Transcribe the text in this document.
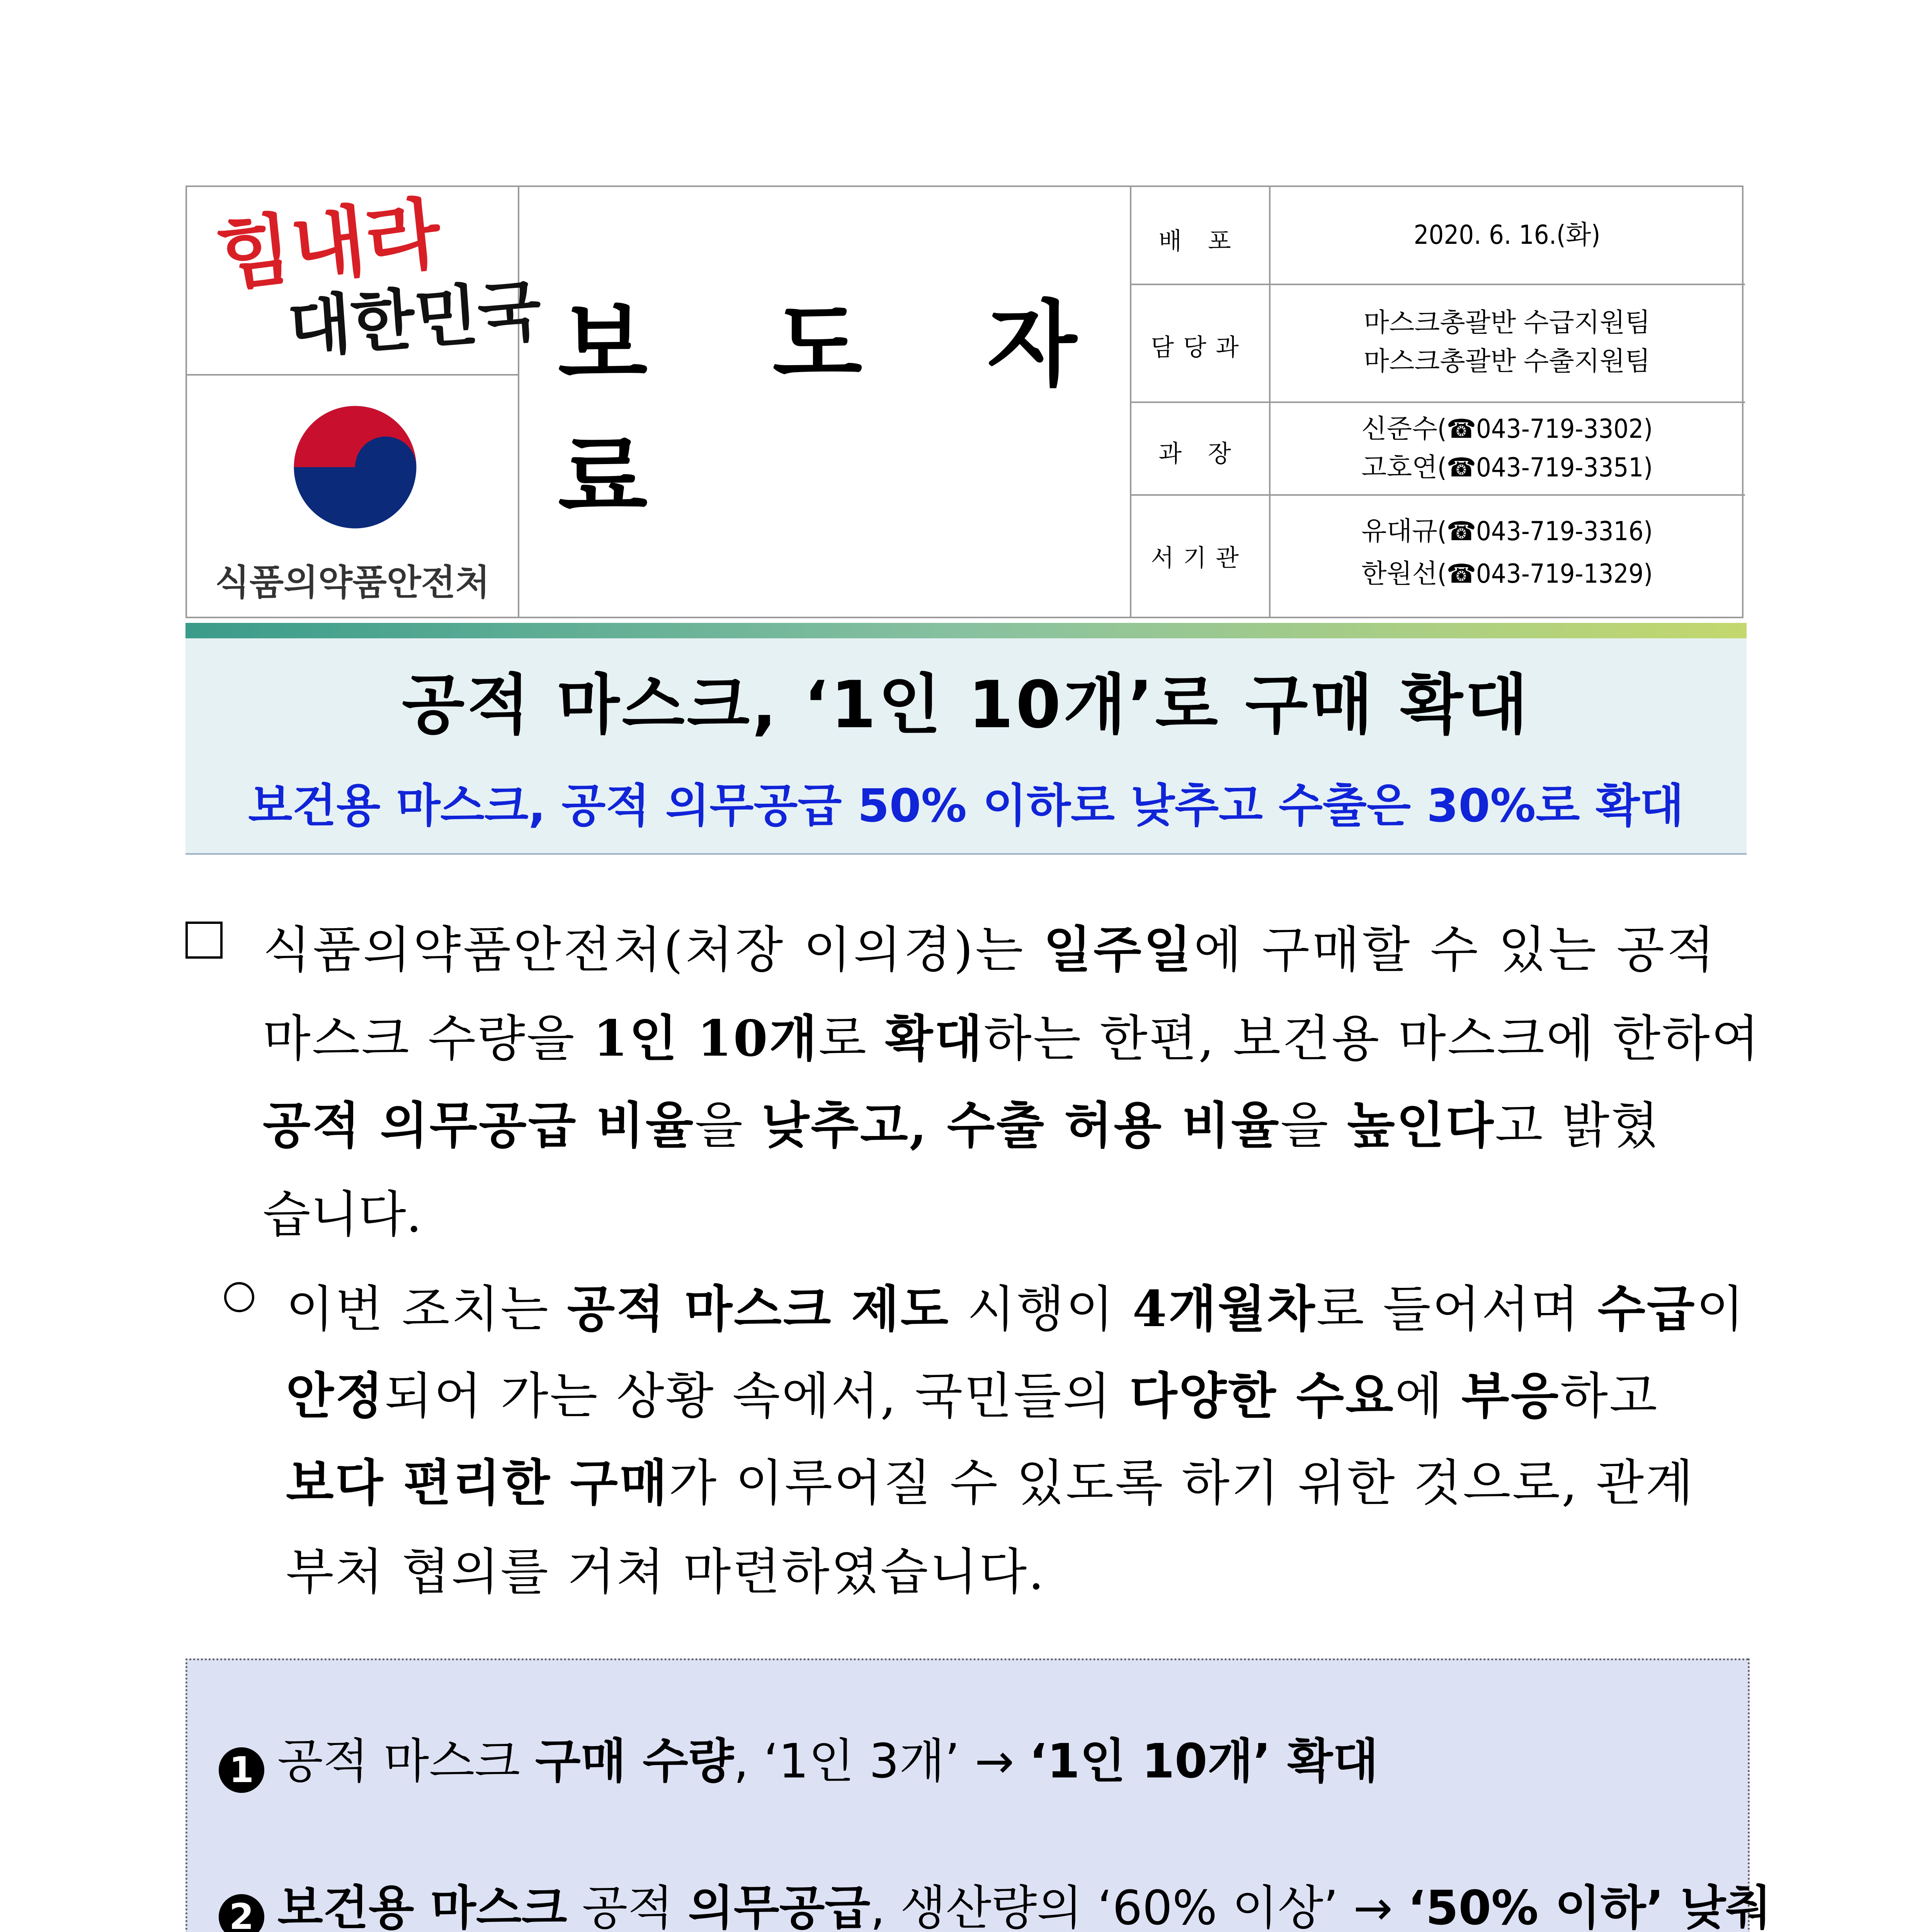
힘내라
대한민국
식품의약품안전처
보 도 자 료
배 포	2020. 6. 16.(화)
담당과
마스크총괄반 수급지원팀
마스크총괄반 수출지원팀
과 장
신준수(☎043-719-3302)
고호연(☎043-719-3351)
서기관
유대규(☎043-719-3316)
한원선(☎043-719-1329)
공적 마스크, ‘1인 10개’로 구매 확대
보건용 마스크, 공적 의무공급 50% 이하로 낮추고 수출은 30%로 확대
식품의약품안전처(처장 이의경)는 일주일에 구매할 수 있는 공적
마스크 수량을 1인 10개로 확대하는 한편, 보건용 마스크에 한하여
공적 의무공급 비율을 낮추고, 수출 허용 비율을 높인다고 밝혔
습니다.
이번 조치는 공적 마스크 제도 시행이 4개월차로 들어서며 수급이
안정되어 가는 상황 속에서, 국민들의 다양한 수요에 부응하고
보다 편리한 구매가 이루어질 수 있도록 하기 위한 것으로, 관계
부처 협의를 거쳐 마련하였습니다.
1 공적 마스크 구매 수량, ‘1인 3개’ → ‘1인 10개’ 확대
2 보건용 마스크 공적 의무공급, 생산량의 ‘60% 이상’ → ‘50% 이하’ 낮춰
